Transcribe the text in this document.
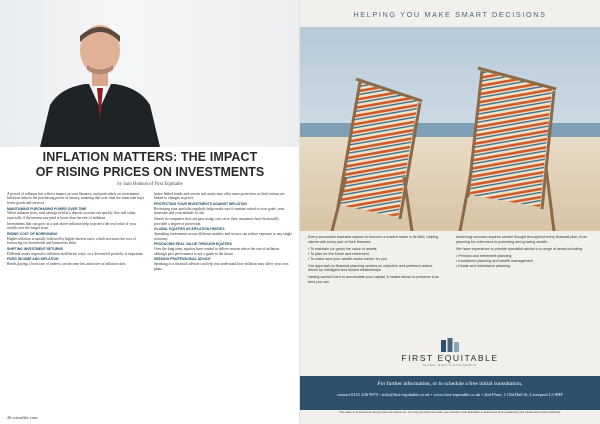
INFLATION MATTERS: THE IMPACT
OF RISING PRICES ON INVESTMENTS
by Sam Hodson of First Equitable

A period of inflation has a direct impact on your finances, and particularly on investments. Inflation reduces the purchasing power of money, meaning that over time the same sum buys fewer goods and services.

MAINTAINING PURCHASING POWER OVER TIME

When inflation rises, cash savings held in a deposit account can quickly lose real value, especially if the interest rate paid is lower than the rate of inflation.

Investments that can grow at a rate above inflation help to protect the real value of your wealth over the longer term.

RISING COST OF BORROWING

Higher inflation is usually followed by higher interest rates, which increases the cost of borrowing for households and businesses alike.

SHIFTING INVESTMENT RETURNS

Different assets respond to inflation in different ways, so a diversified portfolio is important.

FIXED INCOME AND INFLATION

Bonds paying a fixed rate of interest can become less attractive as inflation rises.

Index-linked bonds and certain real assets may offer some protection, as their returns are linked to changes in prices.

PROTECTING YOUR INVESTMENTS AGAINST INFLATION

Reviewing your portfolio regularly helps make sure it remains suited to your goals, your timescale and your attitude to risk.

Shares in companies that can pass rising costs on to their customers have historically provided a degree of protection.

GLOBAL EQUITIES AS INFLATION HEDGES

Spreading investments across different markets and sectors can reduce exposure to any single economy.

PRODUCING REAL VALUE THROUGH EQUITIES

Over the long term, equities have tended to deliver returns above the rate of inflation, although past performance is not a guide to the future.

SEEKING PROFESSIONAL ADVICE

Speaking to a financial adviser can help you understand how inflation may affect your own plans.

26 wirralife.com
HELPING YOU MAKE SMART DECISIONS

Every successful business aspires to become a trusted name in its field, helping clients with every part of their finances.

• To maintain (or grow) the value of assets
• To plan for the future and retirement
• To make sure your wealth works harder for you

Our approach to financial planning centres on objective and pertinent advice, driven by intelligent and trusted relationships.

Having worked hard to accumulate your capital, it makes sense to preserve it as best you can.

Achieving success requires careful thought throughout every financial plan, from planning for retirement to protecting and growing wealth.

We have experience to provide specialist advice in a range of areas including:

• Pension and retirement planning
• Investment planning and wealth management
• Estate and inheritance planning
FIRST EQUITABLE
GLOBAL WEALTH MANAGEMENT
For further information, or to schedule a free initial consultation,
contact 0151 236 9975 • info@first-equitable.co.uk • www.first-equitable.co.uk • 2nd Floor, 1 Old Hall St, Liverpool L3 9HF
The value of investments can go down as well as up. You may get back less than you invested. First Equitable is authorised and regulated by the Financial Conduct Authority.
